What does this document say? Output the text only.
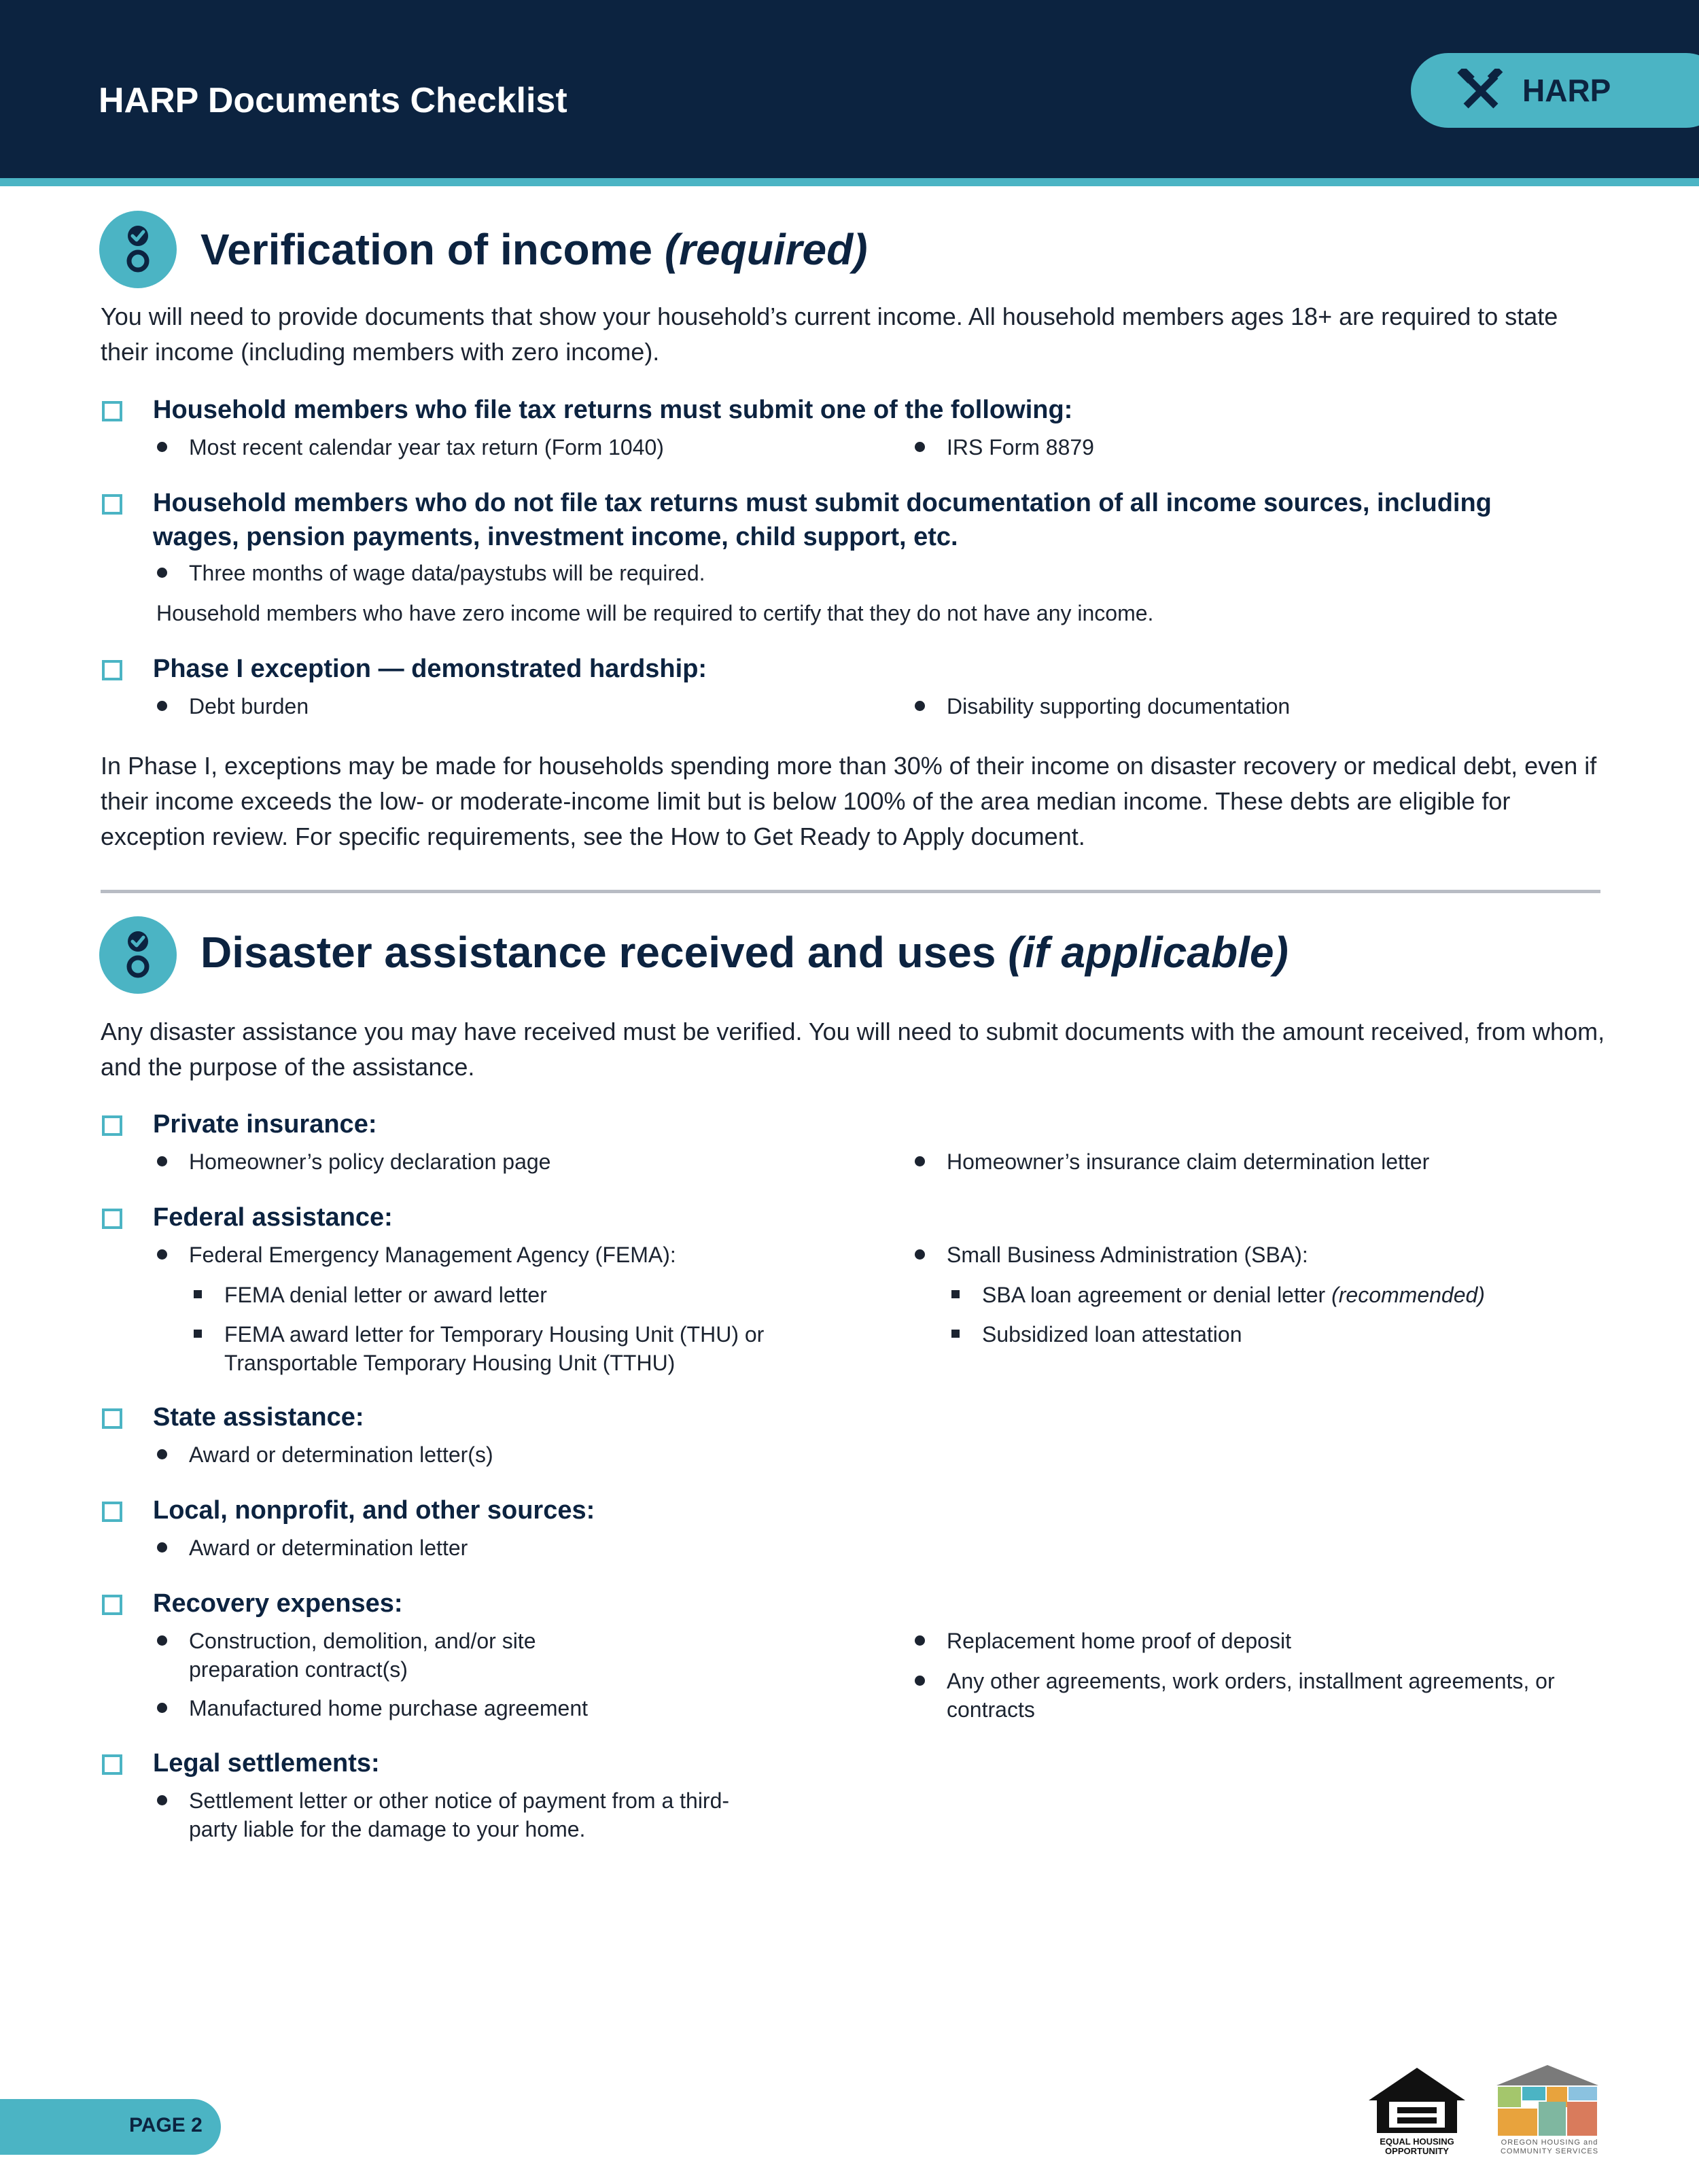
HARP Documents Checklist	HARP
Verification of income (required)
You will need to provide documents that show your household’s current income. All household members ages 18+ are required to state their income (including members with zero income).
Household members who file tax returns must submit one of the following:
Most recent calendar year tax return (Form 1040)	IRS Form 8879
Household members who do not file tax returns must submit documentation of all income sources, including wages, pension payments, investment income, child support, etc.
Three months of wage data/paystubs will be required.
Household members who have zero income will be required to certify that they do not have any income.
Phase I exception — demonstrated hardship:
Debt burden	Disability supporting documentation
In Phase I, exceptions may be made for households spending more than 30% of their income on disaster recovery or medical debt, even if their income exceeds the low- or moderate-income limit but is below 100% of the area median income. These debts are eligible for exception review. For specific requirements, see the How to Get Ready to Apply document.
Disaster assistance received and uses (if applicable)
Any disaster assistance you may have received must be verified. You will need to submit documents with the amount received, from whom, and the purpose of the assistance.
Private insurance:
Homeowner’s policy declaration page	Homeowner’s insurance claim determination letter
Federal assistance:
Federal Emergency Management Agency (FEMA):
FEMA denial letter or award letter
FEMA award letter for Temporary Housing Unit (THU) or Transportable Temporary Housing Unit (TTHU)
Small Business Administration (SBA):
SBA loan agreement or denial letter (recommended)
Subsidized loan attestation
State assistance:
Award or determination letter(s)
Local, nonprofit, and other sources:
Award or determination letter
Recovery expenses:
Construction, demolition, and/or site preparation contract(s)
Manufactured home purchase agreement
Replacement home proof of deposit
Any other agreements, work orders, installment agreements, or contracts
Legal settlements:
Settlement letter or other notice of payment from a third-party liable for the damage to your home.
PAGE 2
EQUAL HOUSING OPPORTUNITY
OREGON HOUSING and COMMUNITY SERVICES
